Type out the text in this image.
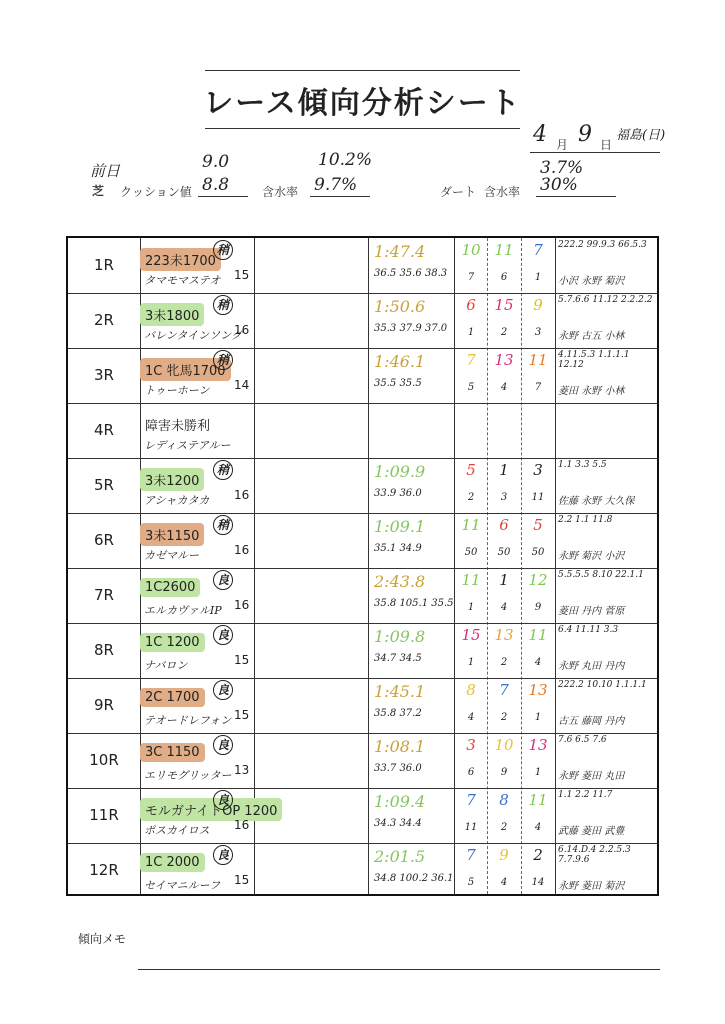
レース傾向分析シート
4 月 9 日
福島(日)
前日	9.0	10.2%	3.7%
芝 クッション値 8.8	含水率 9.7%	ダート 含水率 30%
1R	223未1700
15
タマモマステオ
稍	1:47.4
36.5 35.6 38.3
10 11	7
7	6	1
222.2 99.9.3 66.5.3
小沢 永野 菊沢
2R	3未1800
16
バレンタインソング
稍	1:50.6
35.3 37.9 37.0
6	15	9
1	2	3
5.7.6.6 11.12 2.2.2.2
永野 古五 小林
3R	1C 牝馬1700
14
トゥーホーン
稍	1:46.1
35.5 35.5
7	13 11
5	4	7
4.11.5.3 1.1.1.1 12.12
菱田 永野 小林
4R	障害未勝利
レディステアルー
5R	3未1200
16
アシャカタカ
稍	1:09.9
33.9 36.0
5	1	3
2	3	11
1.1 3.3 5.5
佐藤 永野 大久保
6R	3未1150
16
カゼマルー
稍	1:09.1
35.1 34.9
11	6	5
50	50	50
2.2 1.1 11.8
永野 菊沢 小沢
7R	1C2600
16
エルカヴァルIP
良	2:43.8
35.8 105.1 35.5
11	1	12
1	4	9
5.5.5.5 8.10 22.1.1
菱田 丹内 菅原
8R	1C 1200
15
ナバロン
良	1:09.8
34.7 34.5
15 13 11
1	2	4
6.4 11.11 3.3
永野 丸田 丹内
9R	2C 1700
15
テオードレフォン
良	1:45.1
35.8 37.2
8	7	13
4	2	1
222.2 10.10 1.1.1.1
古五 藤岡 丹内
10R	3C 1150
13
エリモグリッター
良	1:08.1
33.7 36.0
3	10 13
6	9	1
7.6 6.5 7.6
永野 菱田 丸田
11R	モルガナイトOP 1200
16
ポスカイロス
良	1:09.4
34.3 34.4
7	8	11
11	2	4
1.1 2.2 11.7
武藤 菱田 武豊
12R	1C 2000
15
セイマニルーフ
良	2:01.5
34.8 100.2 36.1
7	9	2
5	4	14
6.14.D.4 2.2.5.3 7.7.9.6
永野 菱田 菊沢
傾向メモ
